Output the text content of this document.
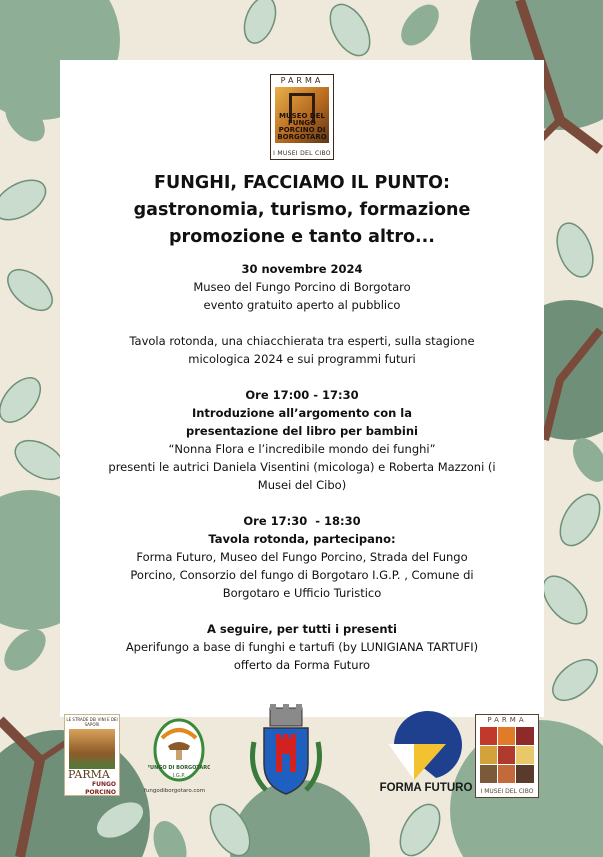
PARMA
MUSEO DEL FUNGO PORCINO DI BORGOTARO
I MUSEI DEL CIBO
FUNGHI, FACCIAMO IL PUNTO:
gastronomia, turismo, formazione
promozione e tanto altro...

30 novembre 2024

Museo del Fungo Porcino di Borgotaro

evento gratuito aperto al pubblico

Tavola rotonda, una chiacchierata tra esperti, sulla stagione

micologica 2024 e sui programmi futuri

Ore 17:00 - 17:30

Introduzione all’argomento con la

presentazione del libro per bambini

“Nonna Flora e l’incredibile mondo dei funghi”

presenti le autrici Daniela Visentini (micologa) e Roberta Mazzoni (i

Musei del Cibo)

Ore 17:30  - 18:30

Tavola rotonda, partecipano:

Forma Futuro, Museo del Fungo Porcino, Strada del Fungo

Porcino, Consorzio del fungo di Borgotaro I.G.P. , Comune di

Borgotaro e Ufficio Turistico

A seguire, per tutti i presenti

Aperifungo a base di funghi e tartufi (by LUNIGIANA TARTUFI)

offerto da Forma Futuro

LE STRADE DEI VINI E DEI SAPORI
PARMA
FUNGO
PORCINO
FUNGO DI BORGOTARO
I.G.P.
fungodiborgotaro.com	FORMA FUTURO
PARMA
I MUSEI DEL CIBO
